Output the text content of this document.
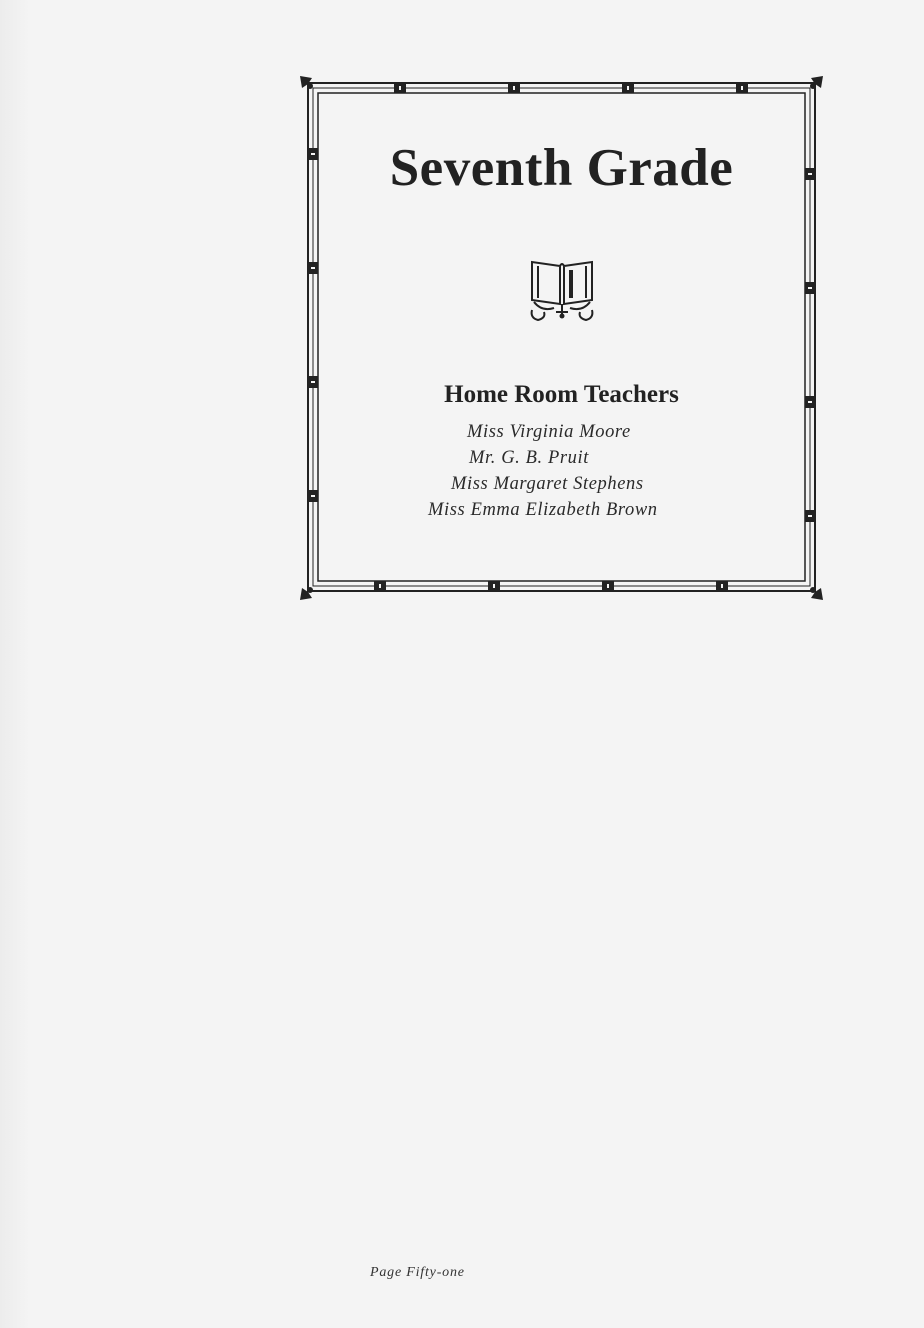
Seventh Grade
Home Room Teachers
Miss Virginia Moore
Mr. G. B. Pruit
Miss Margaret Stephens
Miss Emma Elizabeth Brown
Page Fifty-one
